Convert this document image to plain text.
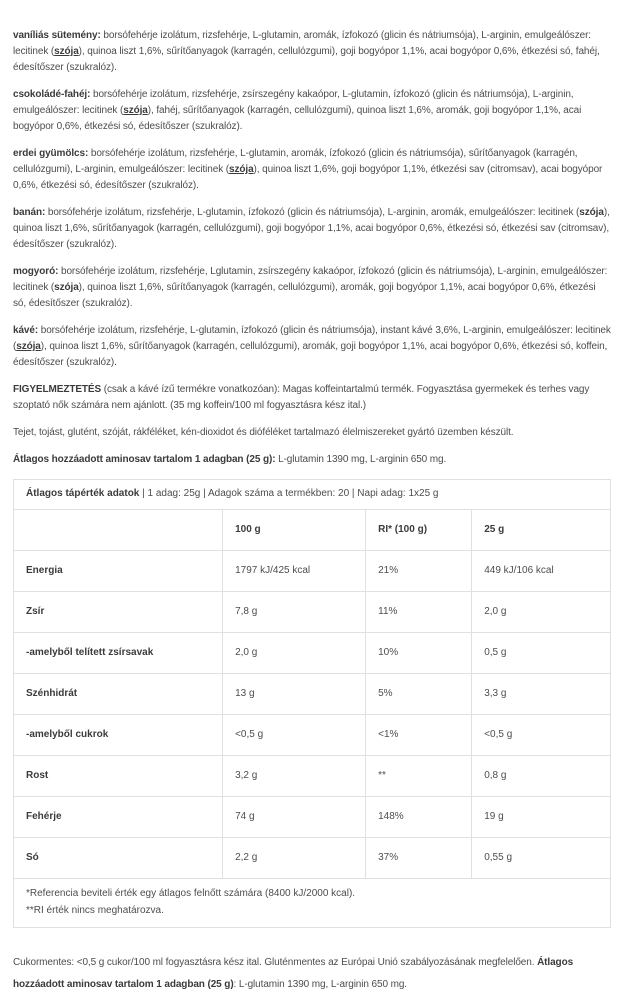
vaníliás sütemény: borsófehérje izolátum, rizsfehérje, L-glutamin, aromák, ízfokozó (glicin és nátriumsója), L-arginin, emulgeálószer: lecitinek (szója), quinoa liszt 1,6%, sűrítőanyagok (karragén, cellulózgumi), goji bogyópor 1,1%, acai bogyópor 0,6%, étkezési só, fahéj, édesítőszer (szukralóz).

csokoládé-fahéj: borsófehérje izolátum, rizsfehérje, zsírszegény kakaópor, L-glutamin, ízfokozó (glicin és nátriumsója), L-arginin, emulgeálószer: lecitinek (szója), fahéj, sűrítőanyagok (karragén, cellulózgumi), quinoa liszt 1,6%, aromák, goji bogyópor 1,1%, acai bogyópor 0,6%, étkezési só, édesítőszer (szukralóz).

erdei gyümölcs: borsófehérje izolátum, rizsfehérje, L-glutamin, aromák, ízfokozó (glicin és nátriumsója), sűrítőanyagok (karragén, cellulózgumi), L-arginin, emulgeálószer: lecitinek (szója), quinoa liszt 1,6%, goji bogyópor 1,1%, étkezési sav (citromsav), acai bogyópor 0,6%, étkezési só, édesítőszer (szukralóz).

banán: borsófehérje izolátum, rizsfehérje, L-glutamin, ízfokozó (glicin és nátriumsója), L-arginin, aromák, emulgeálószer: lecitinek (szója), quinoa liszt 1,6%, sűrítőanyagok (karragén, cellulózgumi), goji bogyópor 1,1%, acai bogyópor 0,6%, étkezési só, étkezési sav (citromsav), édesítőszer (szukralóz).

mogyoró: borsófehérje izolátum, rizsfehérje, Lglutamin, zsírszegény kakaópor, ízfokozó (glicin és nátriumsója), L-arginin, emulgeálószer: lecitinek (szója), quinoa liszt 1,6%, sűrítőanyagok (karragén, cellulózgumi), aromák, goji bogyópor 1,1%, acai bogyópor 0,6%, étkezési só, édesítőszer (szukralóz).

kávé: borsófehérje izolátum, rizsfehérje, L-glutamin, ízfokozó (glicin és nátriumsója), instant kávé 3,6%, L-arginin, emulgeálószer: lecitinek (szója), quinoa liszt 1,6%, sűrítőanyagok (karragén, cellulózgumi), aromák, goji bogyópor 1,1%, acai bogyópor 0,6%, étkezési só, koffein, édesítőszer (szukralóz).

FIGYELMEZTETÉS (csak a kávé ízű termékre vonatkozóan): Magas koffeintartalmú termék. Fogyasztása gyermekek és terhes vagy szoptató nők számára nem ajánlott. (35 mg koffein/100 ml fogyasztásra kész ital.)

Tejet, tojást, glutént, szóját, rákféléket, kén-dioxidot és dióféléket tartalmazó élelmiszereket gyártó üzemben készült.

Átlagos hozzáadott aminosav tartalom 1 adagban (25 g): L-glutamin 1390 mg, L-arginin 650 mg.

Átlagos tápérték adatok | 1 adag: 25g | Adagok száma a termékben: 20 | Napi adag: 1x25 g
	100 g	RI* (100 g)	25 g
Energia	1797 kJ/425 kcal	21%	449 kJ/106 kcal
Zsír	7,8 g	11%	2,0 g
-amelyből telített zsírsavak	2,0 g	10%	0,5 g
Szénhidrát	13 g	5%	3,3 g
-amelyből cukrok	<0,5 g	<1%	<0,5 g
Rost	3,2 g	**	0,8 g
Fehérje	74 g	148%	19 g
Só	2,2 g	37%	0,55 g
*Referencia beviteli érték egy átlagos felnőtt számára (8400 kJ/2000 kcal).
**RI érték nincs meghatározva.

Cukormentes: <0,5 g cukor/100 ml fogyasztásra kész ital. Gluténmentes az Európai Unió szabályozásának megfelelően. Átlagos hozzáadott aminosav tartalom 1 adagban (25 g): L-glutamin 1390 mg, L-arginin 650 mg.
